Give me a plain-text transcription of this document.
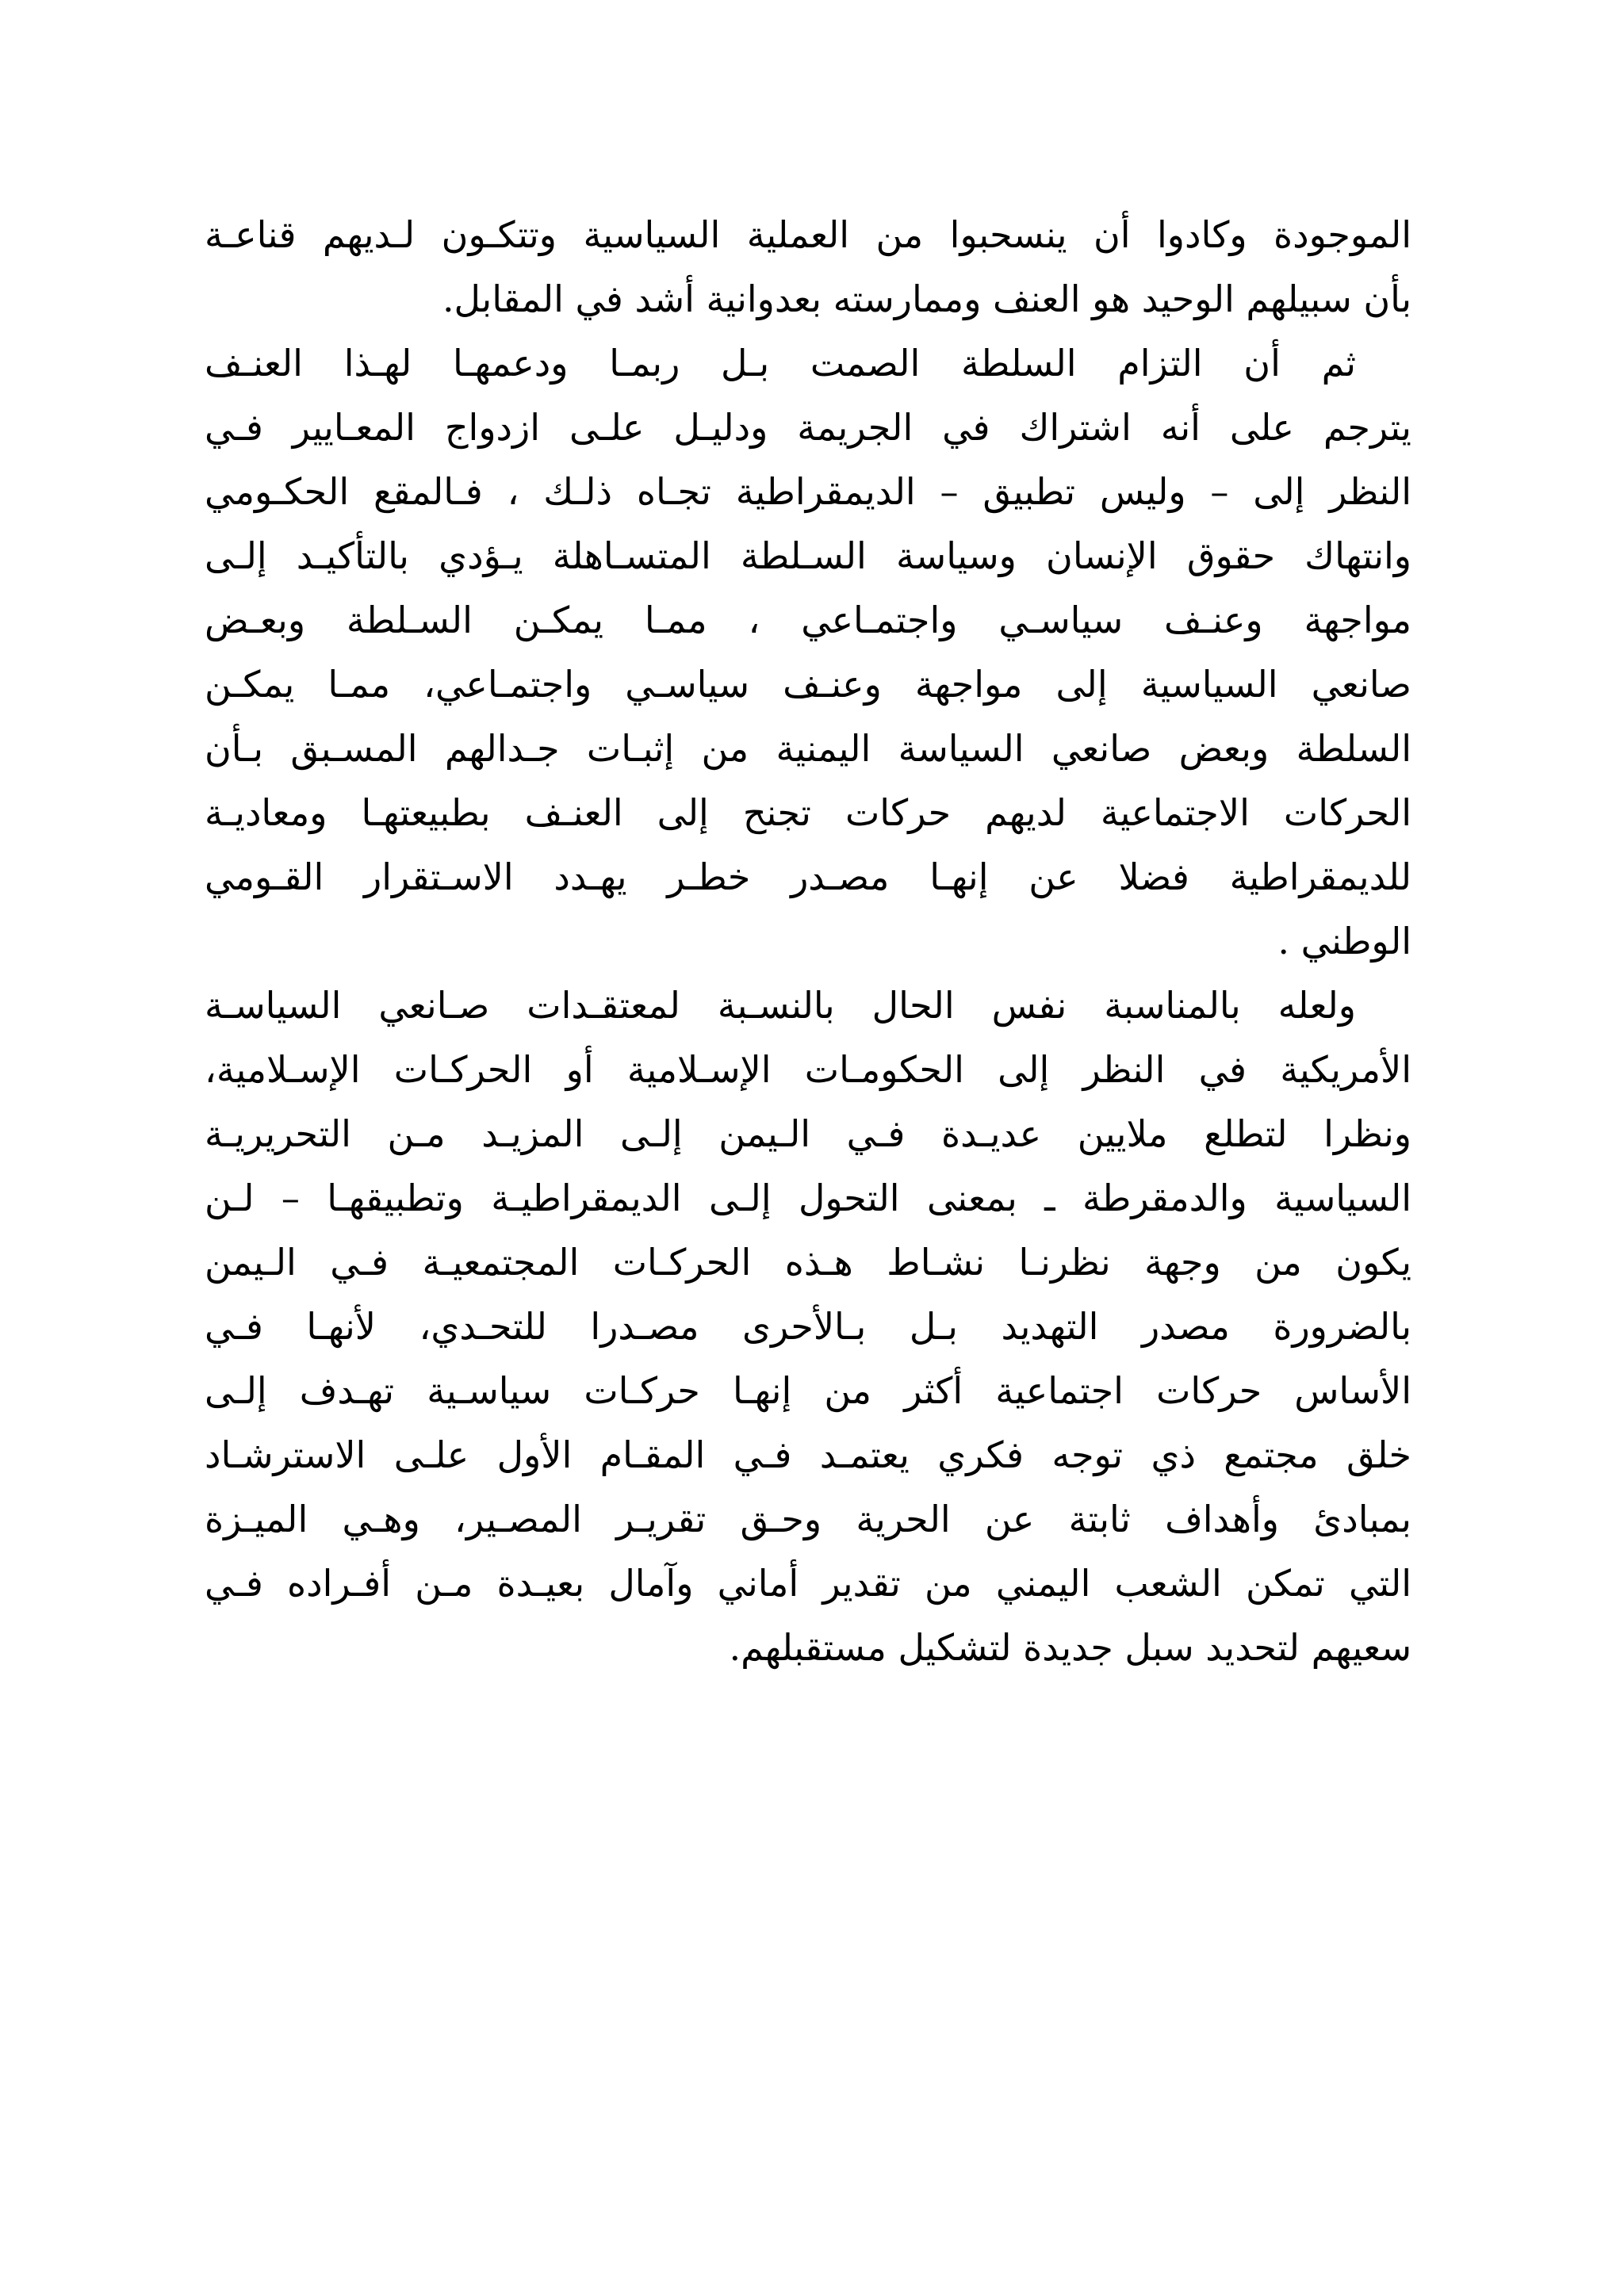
الموجودة وكادوا أن ينسحبوا من العملية السياسية وتتكـون لـديهم قناعـة
بأن سبيلهم الوحيد هو العنف وممارسته بعدوانية أشد في المقابل.
ثم أن التزام السلطة الصمت بـل ربمـا ودعمهـا لهـذا العنـف
يترجم على أنه اشتراك في الجريمة ودليـل علـى ازدواج المعـايير فـي
النظر إلى – وليس تطبيق – الديمقراطية تجـاه ذلـك ، فـالمقع الحكـومي
وانتهاك حقوق الإنسان وسياسة السـلطة المتسـاهلة يـؤدي بالتأكيـد إلـى
مواجهة وعنـف سياسـي واجتمـاعي ، ممـا يمكـن السـلطة وبعـض
صانعي السياسية إلى مواجهة وعنـف سياسـي واجتمـاعي، ممـا يمكـن
السلطة وبعض صانعي السياسة اليمنية من إثبـات جـدالهم المسـبق بـأن
الحركات الاجتماعية لديهم حركات تجنح إلى العنـف بطبيعتهـا ومعاديـة
للديمقراطية فضلا عن إنهـا مصـدر خطـر يهـدد الاسـتقرار القـومي
الوطني .
ولعله بالمناسبة نفس الحال بالنسـبة لمعتقـدات صـانعي السياسـة
الأمريكية في النظر إلى الحكومـات الإسـلامية أو الحركـات الإسـلامية،
ونظرا لتطلع ملايين عديـدة فـي الـيمن إلـى المزيـد مـن التحريريـة
السياسية والدمقرطة ـ بمعنى التحول إلـى الديمقراطيـة وتطبيقهـا – لـن
يكون من وجهة نظرنـا نشـاط هـذه الحركـات المجتمعيـة فـي الـيمن
بالضرورة مصدر التهديد بـل بـالأحرى مصـدرا للتحـدي، لأنهـا فـي
الأساس حركات اجتماعية أكثر من إنهـا حركـات سياسـية تهـدف إلـى
خلق مجتمع ذي توجه فكري يعتمـد فـي المقـام الأول علـى الاسترشـاد
بمبادئ وأهداف ثابتة عن الحرية وحـق تقريـر المصـير، وهـي الميـزة
التي تمكن الشعب اليمني من تقدير أماني وآمال بعيـدة مـن أفـراده فـي
سعيهم لتحديد سبل جديدة لتشكيل مستقبلهم.
